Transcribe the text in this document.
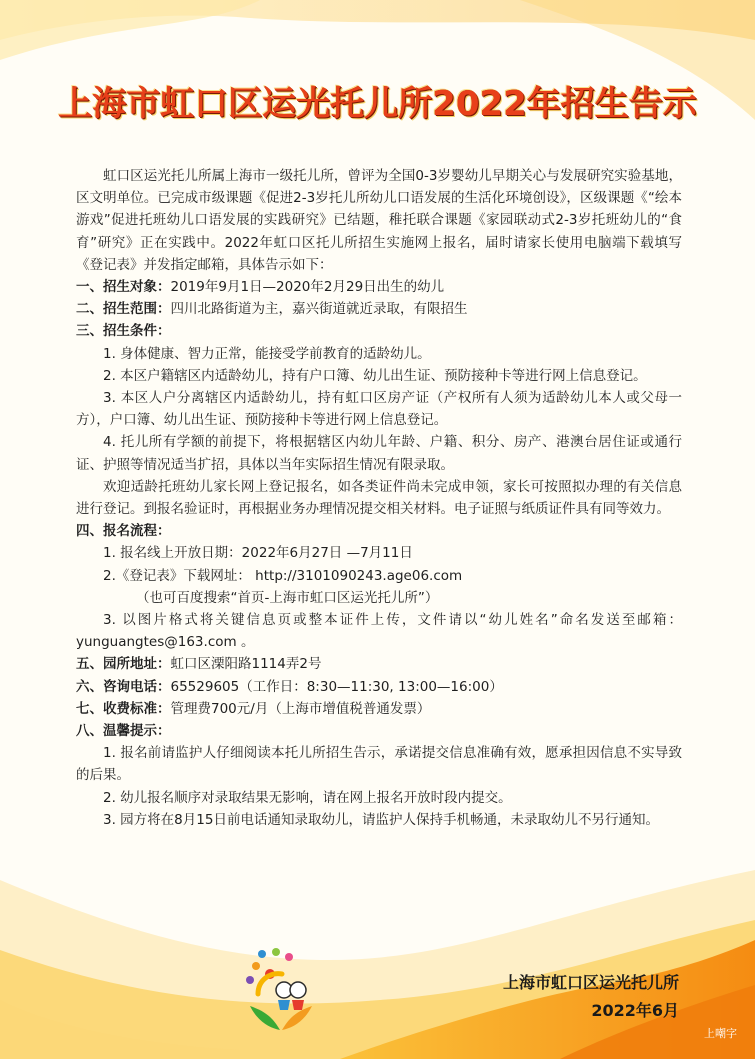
上海市虹口区运光托儿所2022年招生告示

虹口区运光托儿所属上海市一级托儿所，曾评为全国0-3岁婴幼儿早期关心与发展研究实验基地，区文明单位。已完成市级课题《促进2-3岁托儿所幼儿口语发展的生活化环境创设》，区级课题《“绘本游戏”促进托班幼儿口语发展的实践研究》已结题，稚托联合课题《家园联动式2-3岁托班幼儿的“食育”研究》正在实践中。2022年虹口区托儿所招生实施网上报名，届时请家长使用电脑端下载填写《登记表》并发指定邮箱，具体告示如下：

一、招生对象：2019年9月1日—2020年2月29日出生的幼儿

二、招生范围：四川北路街道为主，嘉兴街道就近录取，有限招生

三、招生条件：

1. 身体健康、智力正常，能接受学前教育的适龄幼儿。

2. 本区户籍辖区内适龄幼儿，持有户口簿、幼儿出生证、预防接种卡等进行网上信息登记。

3. 本区人户分离辖区内适龄幼儿，持有虹口区房产证（产权所有人须为适龄幼儿本人或父母一方），户口簿、幼儿出生证、预防接种卡等进行网上信息登记。

4. 托儿所有学额的前提下，将根据辖区内幼儿年龄、户籍、积分、房产、港澳台居住证或通行证、护照等情况适当扩招，具体以当年实际招生情况有限录取。

欢迎适龄托班幼儿家长网上登记报名，如各类证件尚未完成申领，家长可按照拟办理的有关信息进行登记。到报名验证时，再根据业务办理情况提交相关材料。电子证照与纸质证件具有同等效力。

四、报名流程：

1. 报名线上开放日期：2022年6月27日 —7月11日

2.《登记表》下载网址： http://3101090243.age06.com

（也可百度搜索“首页-上海市虹口区运光托儿所”）

3. 以图片格式将关键信息页或整本证件上传，文件请以“幼儿姓名”命名发送至邮箱：yunguangtes@163.com 。

五、园所地址：虹口区溧阳路1114弄2号

六、咨询电话：65529605（工作日：8:30—11:30, 13:00—16:00）

七、收费标准：管理费700元/月（上海市增值税普通发票）

八、温馨提示：

1. 报名前请监护人仔细阅读本托儿所招生告示，承诺提交信息准确有效，愿承担因信息不实导致的后果。

2. 幼儿报名顺序对录取结果无影响，请在网上报名开放时段内提交。

3. 园方将在8月15日前电话通知录取幼儿，请监护人保持手机畅通，未录取幼儿不另行通知。

上海市虹口区运光托儿所
2022年6月
上嘲字
